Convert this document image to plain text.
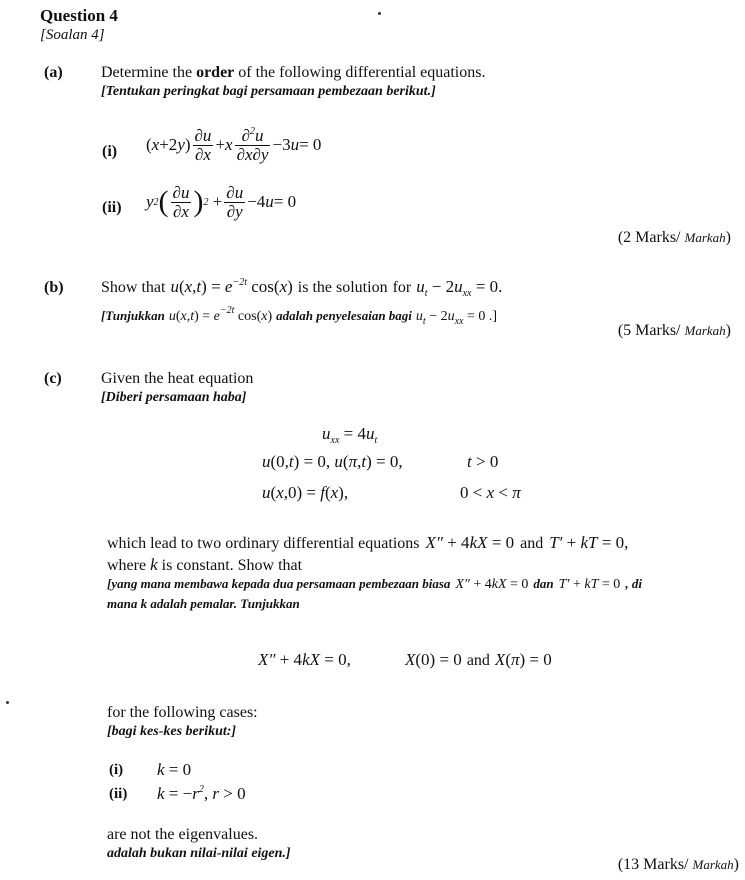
Question 4
[Soalan 4]
(a) Determine the order of the following differential equations.
[Tentukan peringkat bagi persamaan pembezaan berikut.]
(i) ( x +2 y ) $\frac{\partial u}{\partial x} + x \frac{\partial^2u}{\partial x\partial y} -3$ u = 0
(ii) y 2 ( $\frac{\partial u}{\partial x}$ ) $2 + \frac{\partial u}{\partial y} -4$ u = 0
(2 Marks/ Markah)
(b) Show that $u(x,t) = e^{-2t}$ cos(x) is the solution for $u_t - 2u_{xx} = 0$.
[Tunjukkan $u(x,t) = e^{-2t}$ cos(x) adalah penyelesaian bagi $u_t - 2u_{xx} = 0$ .]
(5 Marks/ Markah)
(c) Given the heat equation
[Diberi persamaan haba]
$u_{xx} = 4u_t$
u(0,t) = 0, u(π,t) = 0,	t > 0
u(x,0) = f(x),	0 < x < π
which lead to two ordinary differential equations X″ + 4kX = 0 and T′ + kT = 0,
where k is constant. Show that
[yang mana membawa kepada dua persamaan pembezaan biasa X″ + 4kX = 0 dan T′ + kT = 0 , di
mana k adalah pemalar. Tunjukkan
X″ + 4kX = 0,	X(0) = 0 and X(π) = 0
for the following cases:
[bagi kes-kes berikut:]
(i) k = 0
(ii) $k = -r^2$, r > 0
are not the eigenvalues.
adalah bukan nilai-nilai eigen.]
(13 Marks/ Markah)
